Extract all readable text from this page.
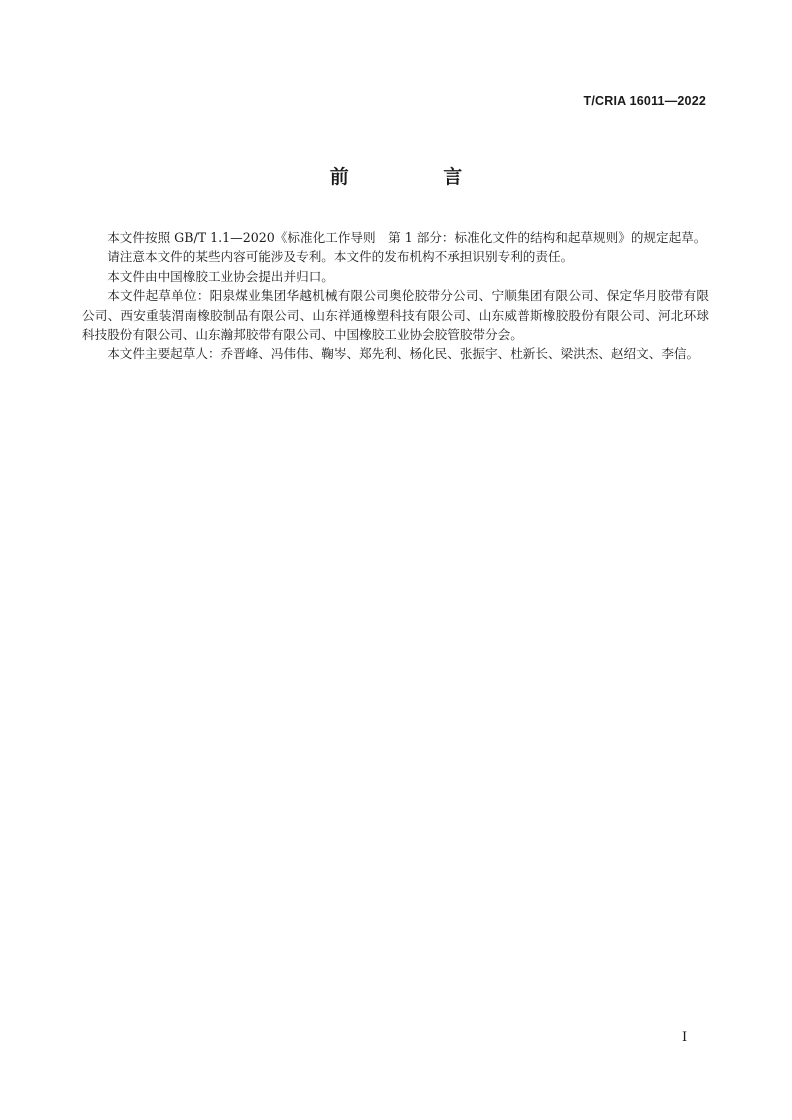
T/CRIA 16011—2022
前 言

本文件按照 GB/T 1.1—2020《标准化工作导则　第 1 部分：标准化文件的结构和起草规则》的规定起草。

请注意本文件的某些内容可能涉及专利。本文件的发布机构不承担识别专利的责任。

本文件由中国橡胶工业协会提出并归口。

本文件起草单位：阳泉煤业集团华越机械有限公司奥伦胶带分公司、宁顺集团有限公司、保定华月胶带有限公司、西安重装渭南橡胶制品有限公司、山东祥通橡塑科技有限公司、山东威普斯橡胶股份有限公司、河北环球科技股份有限公司、山东瀚邦胶带有限公司、中国橡胶工业协会胶管胶带分会。

本文件主要起草人：乔晋峰、冯伟伟、鞠岑、郑先利、杨化民、张振宇、杜新长、梁洪杰、赵绍文、李信。

I
